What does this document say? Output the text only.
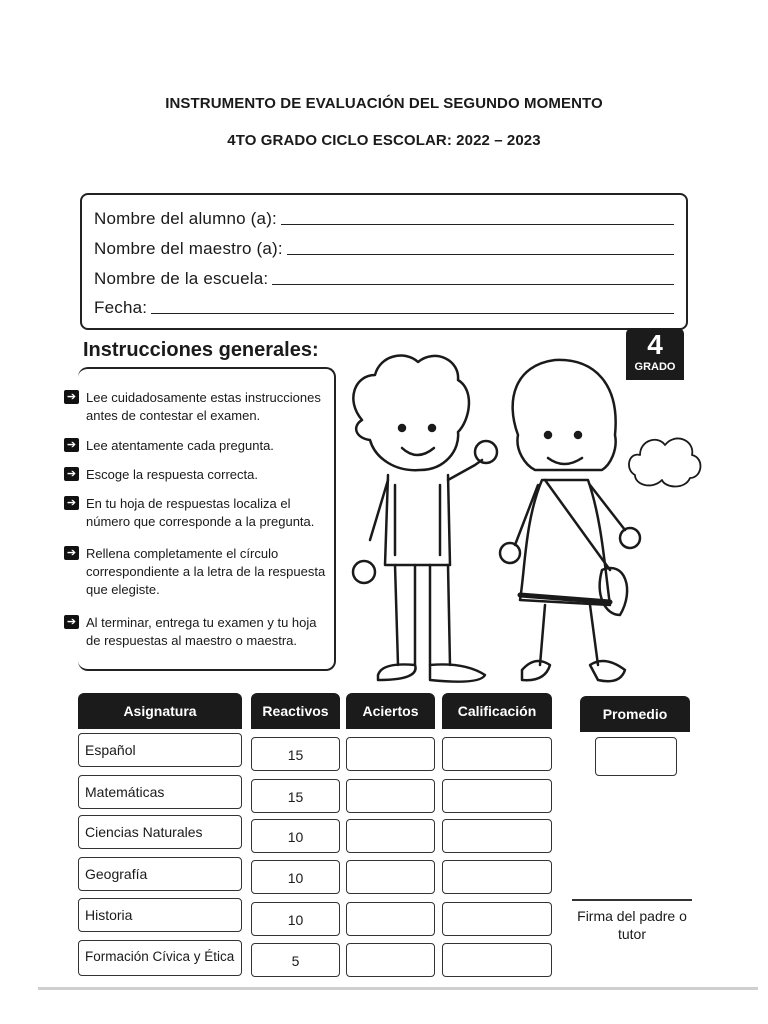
INSTRUMENTO DE EVALUACIÓN DEL SEGUNDO MOMENTO
4TO GRADO CICLO ESCOLAR: 2022 – 2023
Nombre del alumno (a):
Nombre del maestro (a):
Nombre de la escuela:
Fecha:
Instrucciones generales:	4
GRADO
➔ Lee cuidadosamente estas instrucciones antes de contestar el examen.
➔ Lee atentamente cada pregunta.
➔ Escoge la respuesta correcta.
➔ En tu hoja de respuestas localiza el número que corresponde a la pregunta.
➔ Rellena completamente el círculo correspondiente a la letra de la respuesta que elegiste.
➔ Al terminar, entrega tu examen y tu hoja de respuestas al maestro o maestra.
Asignatura	Reactivos	Aciertos	Calificación	Promedio
Español	15
Matemáticas	15
Ciencias Naturales	10
Geografía	10
Historia	10
Formación Cívica y Ética	5
Firma del padre o tutor
